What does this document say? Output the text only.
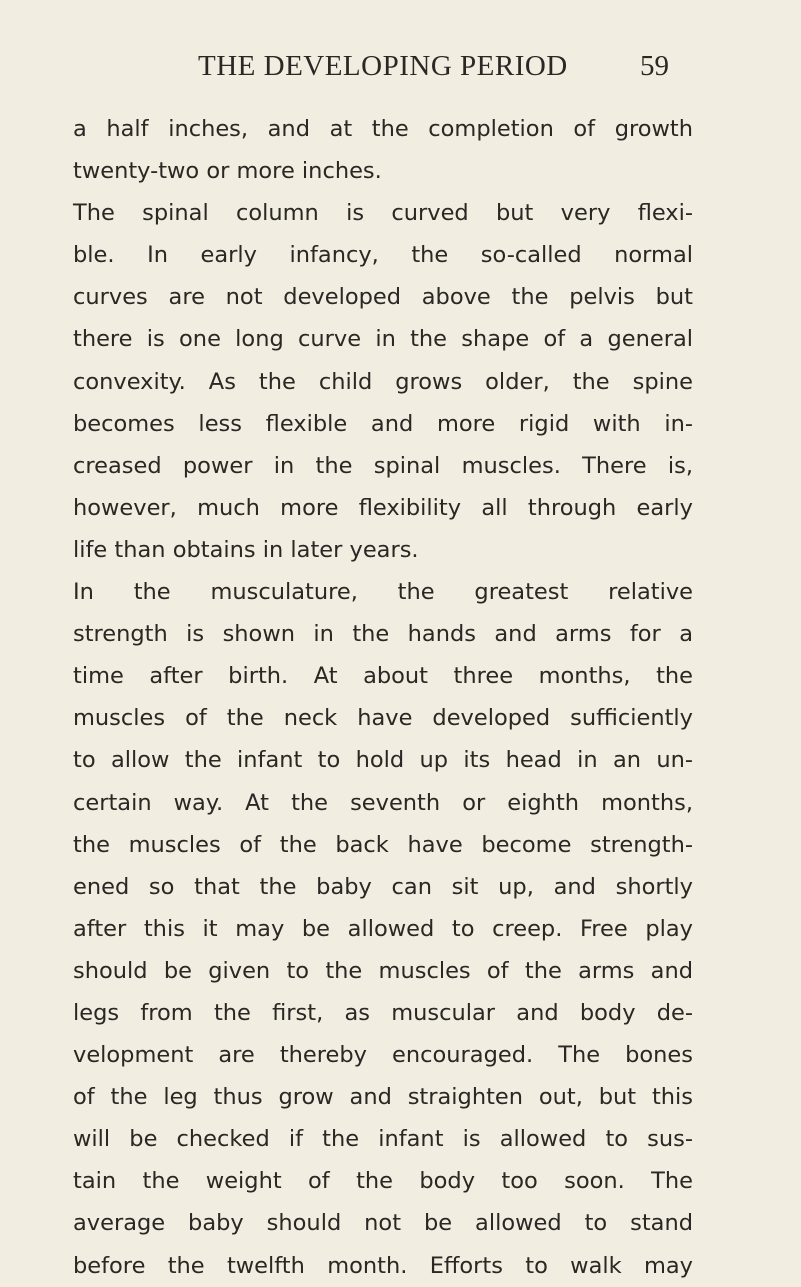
THE DEVELOPING PERIOD 59
a half inches, and at the completion of growth
twenty-two or more inches.
The spinal column is curved but very flexi-
ble. In early infancy, the so-called normal
curves are not developed above the pelvis but
there is one long curve in the shape of a general
convexity. As the child grows older, the spine
becomes less flexible and more rigid with in-
creased power in the spinal muscles. There is,
however, much more flexibility all through early
life than obtains in later years.
In the musculature, the greatest relative
strength is shown in the hands and arms for a
time after birth. At about three months, the
muscles of the neck have developed sufficiently
to allow the infant to hold up its head in an un-
certain way. At the seventh or eighth months,
the muscles of the back have become strength-
ened so that the baby can sit up, and shortly
after this it may be allowed to creep. Free play
should be given to the muscles of the arms and
legs from the first, as muscular and body de-
velopment are thereby encouraged. The bones
of the leg thus grow and straighten out, but this
will be checked if the infant is allowed to sus-
tain the weight of the body too soon. The
average baby should not be allowed to stand
before the twelfth month. Efforts to walk may
